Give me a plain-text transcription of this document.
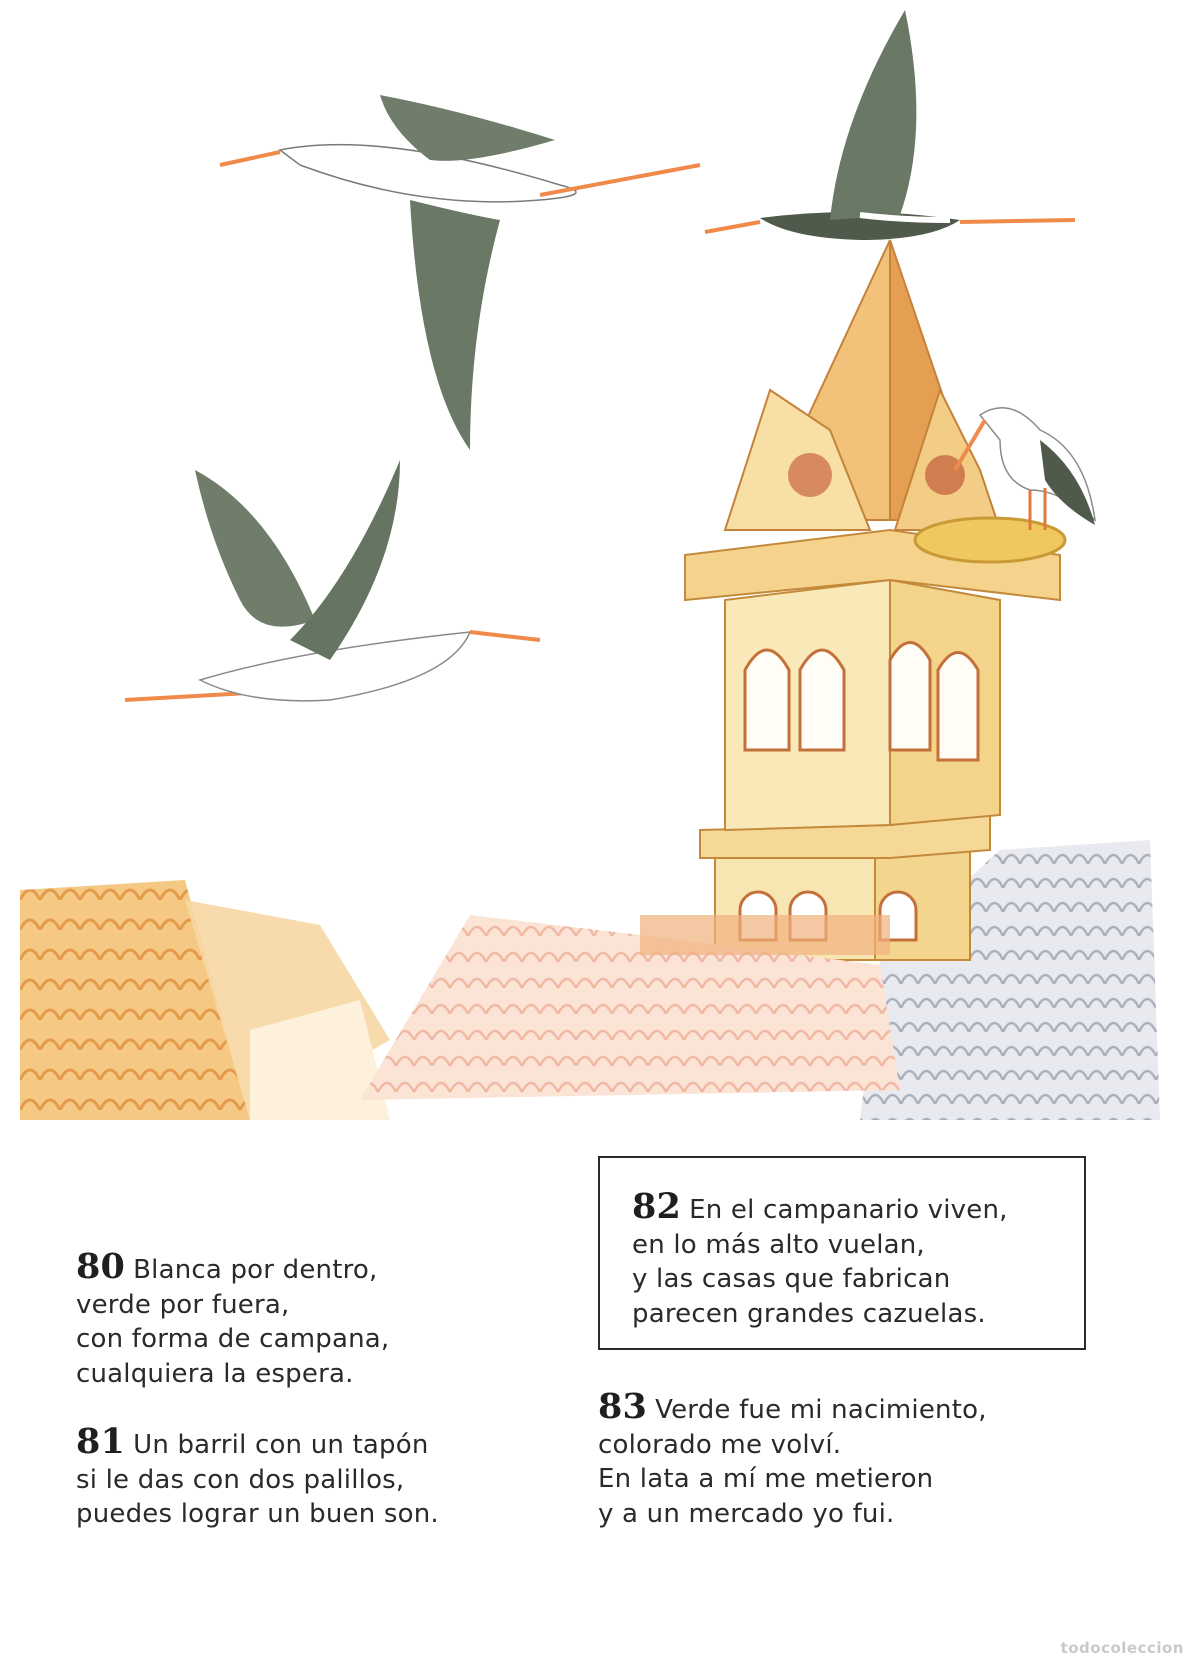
80 Blanca por dentro,
verde por fuera,
con forma de campana,
cualquiera la espera.
81 Un barril con un tapón
si le das con dos palillos,
puedes lograr un buen son.
82 En el campanario viven,
en lo más alto vuelan,
y las casas que fabrican
parecen grandes cazuelas.
83 Verde fue mi nacimiento,
colorado me volví.
En lata a mí me metieron
y a un mercado yo fui.
todocoleccion
